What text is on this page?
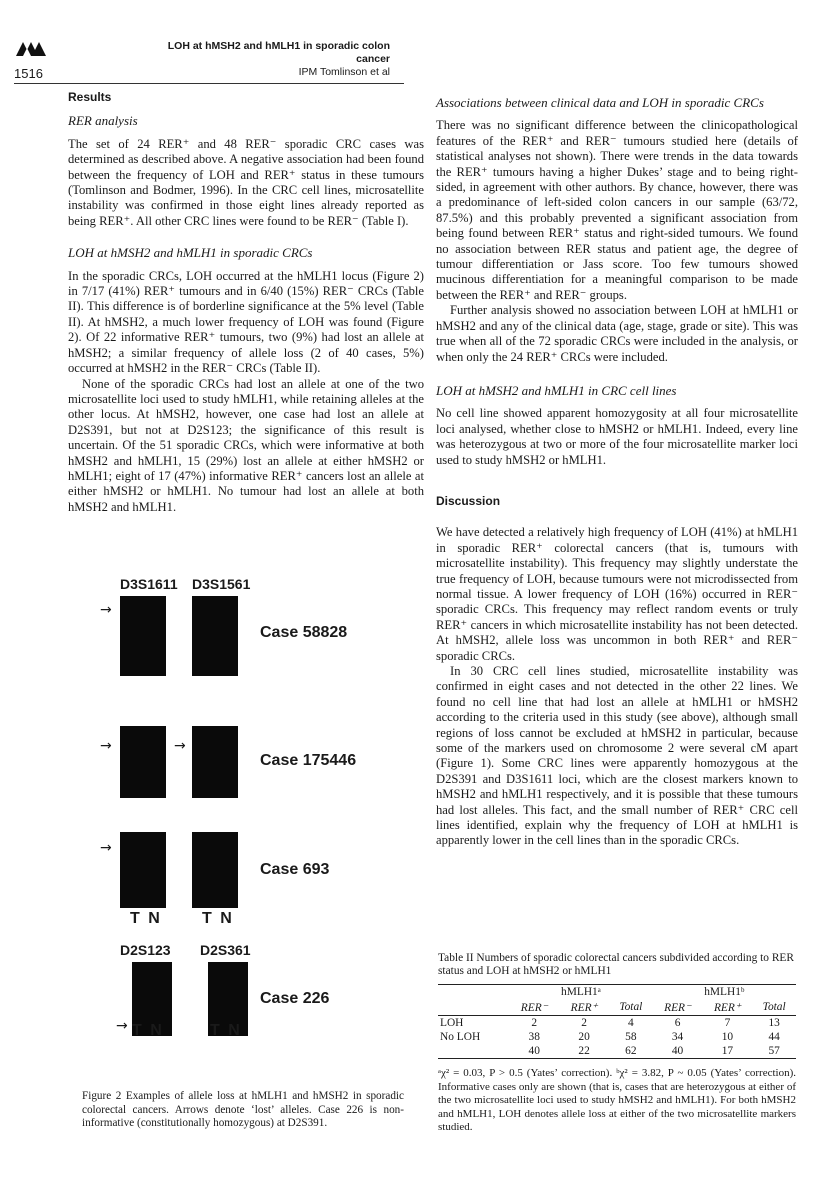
LOH at hMSH2 and hMLH1 in sporadic colon cancer
IPM Tomlinson et al
1516
Results
RER analysis

The set of 24 RER⁺ and 48 RER⁻ sporadic CRC cases was determined as described above. A negative association had been found between the frequency of LOH and RER⁺ status in these tumours (Tomlinson and Bodmer, 1996). In the CRC cell lines, microsatellite instability was confirmed in those eight lines already reported as being RER⁺. All other CRC lines were found to be RER⁻ (Table I).

LOH at hMSH2 and hMLH1 in sporadic CRCs

In the sporadic CRCs, LOH occurred at the hMLH1 locus (Figure 2) in 7/17 (41%) RER⁺ tumours and in 6/40 (15%) RER⁻ CRCs (Table II). This difference is of borderline significance at the 5% level (Table II). At hMSH2, a much lower frequency of LOH was found (Figure 2). Of 22 informative RER⁺ tumours, two (9%) had lost an allele at hMSH2; a similar frequency of allele loss (2 of 40 cases, 5%) occurred at hMSH2 in the RER⁻ CRCs (Table II).

None of the sporadic CRCs had lost an allele at one of the two microsatellite loci used to study hMLH1, while retaining alleles at the other locus. At hMSH2, however, one case had lost an allele at D2S391, but not at D2S123; the significance of this result is uncertain. Of the 51 sporadic CRCs, which were informative at both hMSH2 and hMLH1, 15 (29%) lost an allele at either hMSH2 or hMLH1; eight of 17 (47%) informative RER⁺ cancers lost an allele at either hMSH2 or hMLH1. No tumour had lost an allele at both hMSH2 and hMLH1.

D3S1611 D3S1561
→
Case 58828
→	→
Case 175446
→
Case 693
T N	T N
D2S123 D2S361
→
Case 226
T N	T N
Figure 2 Examples of allele loss at hMLH1 and hMSH2 in sporadic colorectal cancers. Arrows denote ‘lost’ alleles. Case 226 is non-informative (constitutionally homozygous) at D2S391.
Associations between clinical data and LOH in sporadic CRCs

There was no significant difference between the clinicopathological features of the RER⁺ and RER⁻ tumours studied here (details of statistical analyses not shown). There were trends in the data towards the RER⁺ tumours having a higher Dukes’ stage and to being right-sided, in agreement with other authors. By chance, however, there was a predominance of left-sided colon cancers in our sample (63/72, 87.5%) and this probably prevented a significant association from being found between RER⁺ status and right-sided tumours. We found no association between RER status and patient age, the degree of tumour differentiation or Jass score. Too few tumours showed mucinous differentiation for a meaningful comparison to be made between the RER⁺ and RER⁻ groups.

Further analysis showed no association between LOH at hMLH1 or hMSH2 and any of the clinical data (age, stage, grade or site). This was true when all of the 72 sporadic CRCs were included in the analysis, or when only the 24 RER⁺ CRCs were included.

LOH at hMSH2 and hMLH1 in CRC cell lines

No cell line showed apparent homozygosity at all four microsatellite loci analysed, whether close to hMSH2 or hMLH1. Indeed, every line was heterozygous at two or more of the four microsatellite marker loci used to study hMSH2 or hMLH1.

Discussion

We have detected a relatively high frequency of LOH (41%) at hMLH1 in sporadic RER⁺ colorectal cancers (that is, tumours with microsatellite instability). This frequency may slightly understate the true frequency of LOH, because tumours were not microdissected from normal tissue. A lower frequency of LOH (16%) occurred in RER⁻ sporadic CRCs. This frequency may reflect random events or truly RER⁺ cancers in which microsatellite instability has not been detected. At hMSH2, allele loss was uncommon in both RER⁺ and RER⁻ sporadic CRCs.

In 30 CRC cell lines studied, microsatellite instability was confirmed in eight cases and not detected in the other 22 lines. We found no cell line that had lost an allele at hMLH1 or hMSH2 according to the criteria used in this study (see above), although small regions of loss cannot be excluded at hMSH2 in particular, because some of the markers used on chromosome 2 were several cM apart (Figure 1). Some CRC lines were apparently homozygous at the D2S391 and D3S1611 loci, which are the closest markers known to hMSH2 and hMLH1 respectively, and it is possible that these tumours had lost alleles. This fact, and the small number of RER⁺ CRC cell lines identified, explain why the frequency of LOH at hMLH1 is apparently lower in the cell lines than in the sporadic CRCs.

Table II Numbers of sporadic colorectal cancers subdivided according to RER status and LOH at hMSH2 or hMLH1
	hMLH1ᵃ			hMLH1ᵇ		
	RER⁻	RER⁺	Total	RER⁻	RER⁺	Total
LOH	2	2	4	6	7	13
No LOH	38	20	58	34	10	44
	40	22	62	40	17	57
ᵃχ² = 0.03, P > 0.5 (Yates’ correction). ᵇχ² = 3.82, P ~ 0.05 (Yates’ correction). Informative cases only are shown (that is, cases that are heterozygous at either of the two microsatellite loci used to study hMSH2 and hMLH1). For both hMSH2 and hMLH1, LOH denotes allele loss at either of the two microsatellite markers studied.
